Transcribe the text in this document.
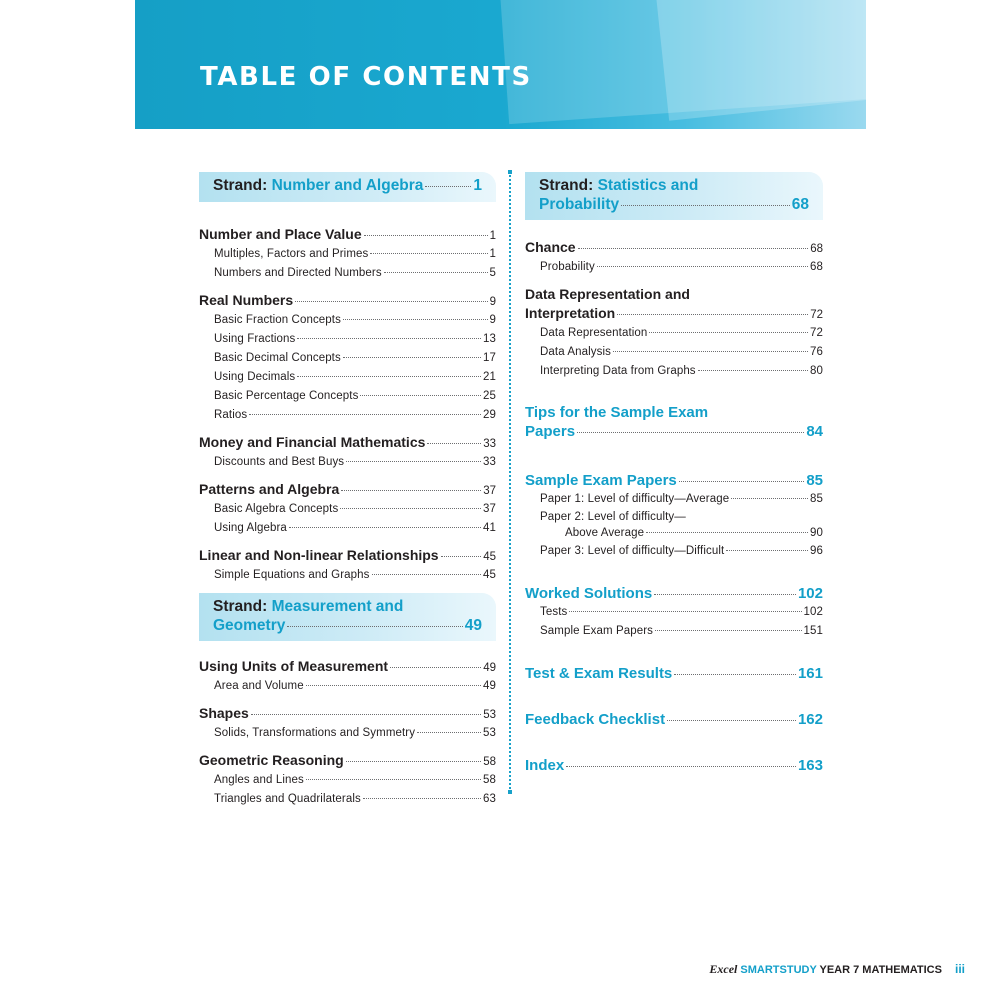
TABLE OF CONTENTS
Strand: Number and Algebra	1
Number and Place Value	1
Multiples, Factors and Primes	1
Numbers and Directed Numbers	5
Real Numbers	9
Basic Fraction Concepts	9
Using Fractions	13
Basic Decimal Concepts	17
Using Decimals	21
Basic Percentage Concepts	25
Ratios	29
Money and Financial Mathematics	33
Discounts and Best Buys	33
Patterns and Algebra	37
Basic Algebra Concepts	37
Using Algebra	41
Linear and Non-linear Relationships	45
Simple Equations and Graphs	45
Strand: Measurement and
Geometry	49
Using Units of Measurement	49
Area and Volume	49
Shapes	53
Solids, Transformations and Symmetry	53
Geometric Reasoning	58
Angles and Lines	58
Triangles and Quadrilaterals	63
Strand: Statistics and
Probability	68
Chance	68
Probability	68
Data Representation and
Interpretation	72
Data Representation	72
Data Analysis	76
Interpreting Data from Graphs	80
Tips for the Sample Exam
Papers	84
Sample Exam Papers	85
Paper 1: Level of difficulty—Average	85
Paper 2: Level of difficulty—
Above Average	90
Paper 3: Level of difficulty—Difficult	96
Worked Solutions	102
Tests	102
Sample Exam Papers	151
Test & Exam Results	161
Feedback Checklist	162
Index	163
Excel SMARTSTUDY YEAR 7 MATHEMATICS iii
